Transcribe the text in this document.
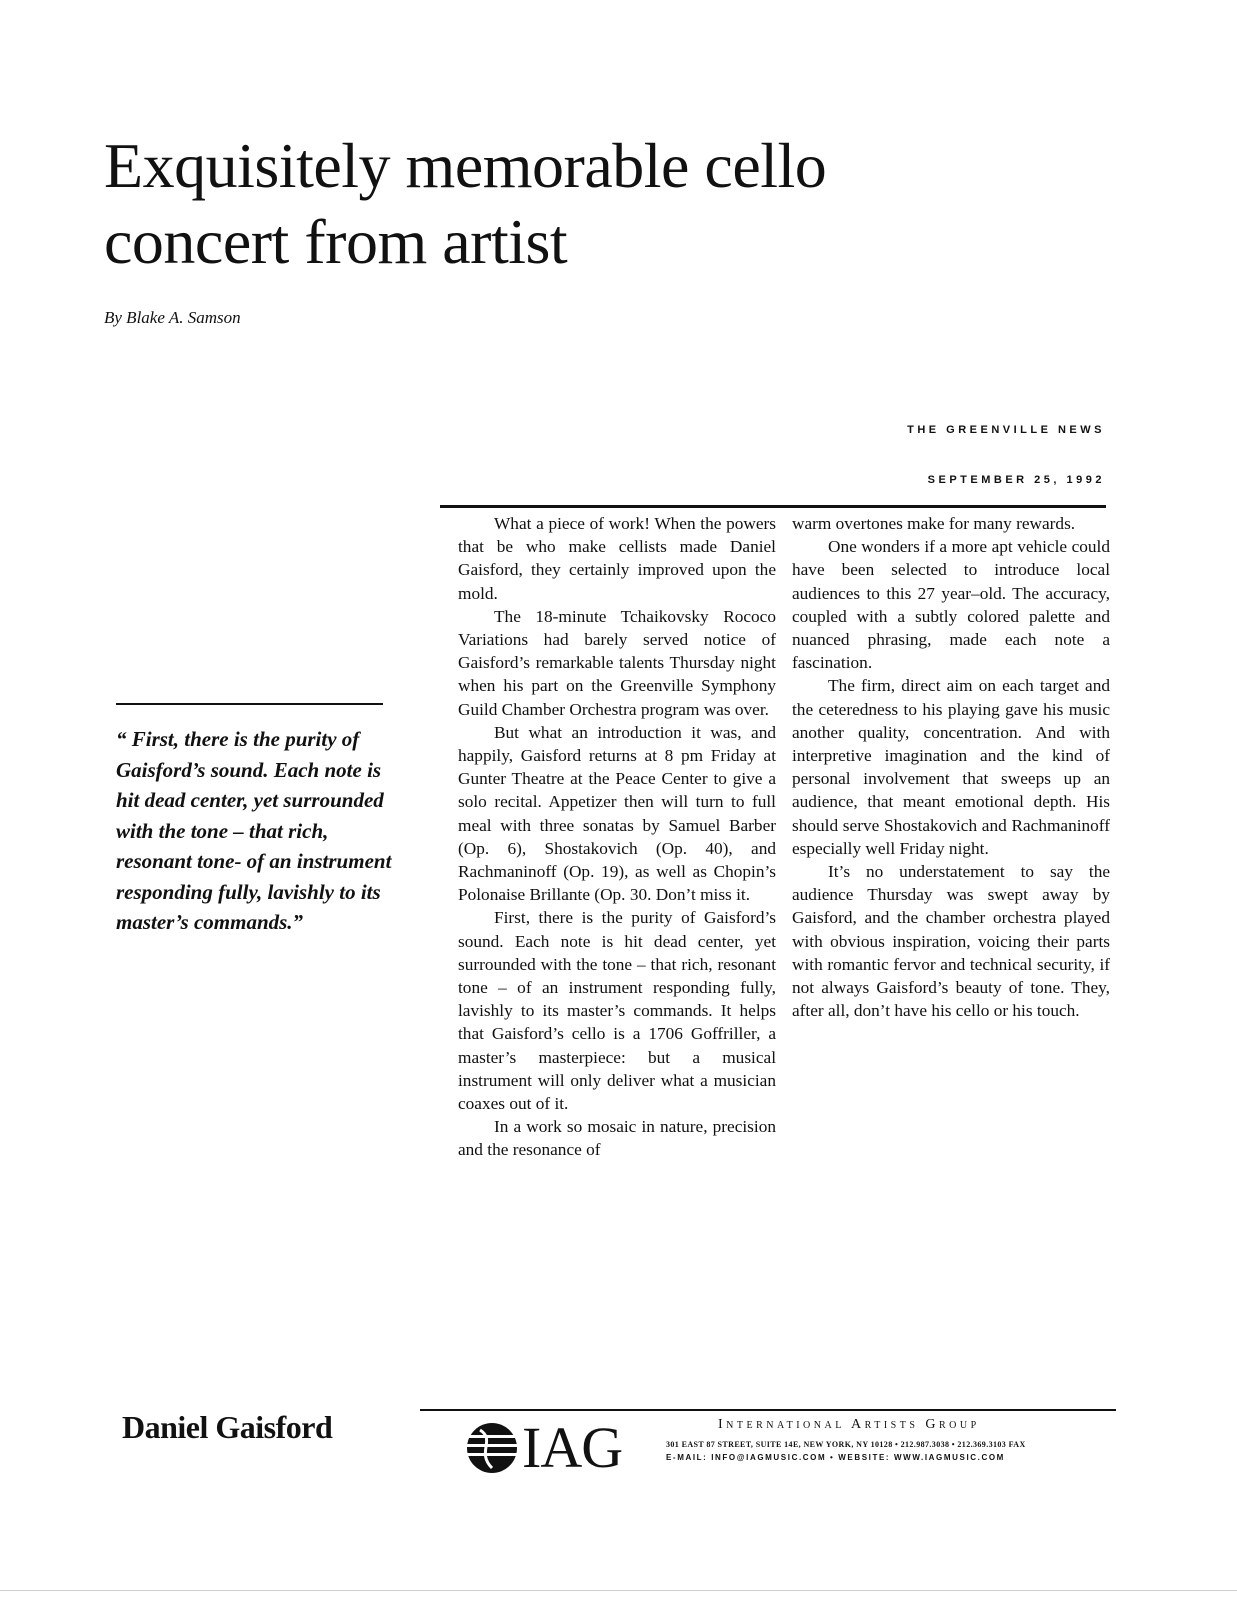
Exquisitely memorable cello
concert from artist
By Blake A. Samson
THE GREENVILLE NEWS
SEPTEMBER 25, 1992
“ First, there is the purity of Gaisford’s sound. Each note is hit dead center, yet surrounded with the tone – that rich, resonant tone- of an instrument responding fully, lavishly to its master’s commands.”

What a piece of work! When the powers that be who make cellists made Daniel Gaisford, they certainly improved upon the mold.

The 18-minute Tchaikovsky Rococo Variations had barely served notice of Gaisford’s remarkable talents Thursday night when his part on the Greenville Symphony Guild Chamber Orchestra program was over.

But what an introduction it was, and happily, Gaisford returns at 8 pm Friday at Gunter Theatre at the Peace Center to give a solo recital. Appetizer then will turn to full meal with three sonatas by Samuel Barber (Op. 6), Shostakovich (Op. 40), and Rachmaninoff (Op. 19), as well as Chopin’s Polonaise Brillante (Op. 30. Don’t miss it.

First, there is the purity of Gaisford’s sound. Each note is hit dead center, yet surrounded with the tone – that rich, resonant tone – of an instrument responding fully, lavishly to its master’s commands. It helps that Gaisford’s cello is a 1706 Goffriller, a master’s masterpiece: but a musical instrument will only deliver what a musician coaxes out of it.

In a work so mosaic in nature, precision and the resonance of

warm overtones make for many rewards.

One wonders if a more apt vehicle could have been selected to introduce local audiences to this 27 year–old. The accuracy, coupled with a subtly colored palette and nuanced phrasing, made each note a fascination.

The firm, direct aim on each target and the ceteredness to his playing gave his music another quality, concentration. And with interpretive imagination and the kind of personal involvement that sweeps up an audience, that meant emotional depth. His should serve Shostakovich and Rachmaninoff especially well Friday night.

It’s no understatement to say the audience Thursday was swept away by Gaisford, and the chamber orchestra played with obvious inspiration, voicing their parts with romantic fervor and technical security, if not always Gaisford’s beauty of tone. They, after all, don’t have his cello or his touch.

Daniel Gaisford	IAG	International Artists Group
301 EAST 87 STREET, SUITE 14E, NEW YORK, NY 10128 • 212.987.3038 • 212.369.3103 FAX
E-MAIL: INFO@IAGMUSIC.COM • WEBSITE: WWW.IAGMUSIC.COM
